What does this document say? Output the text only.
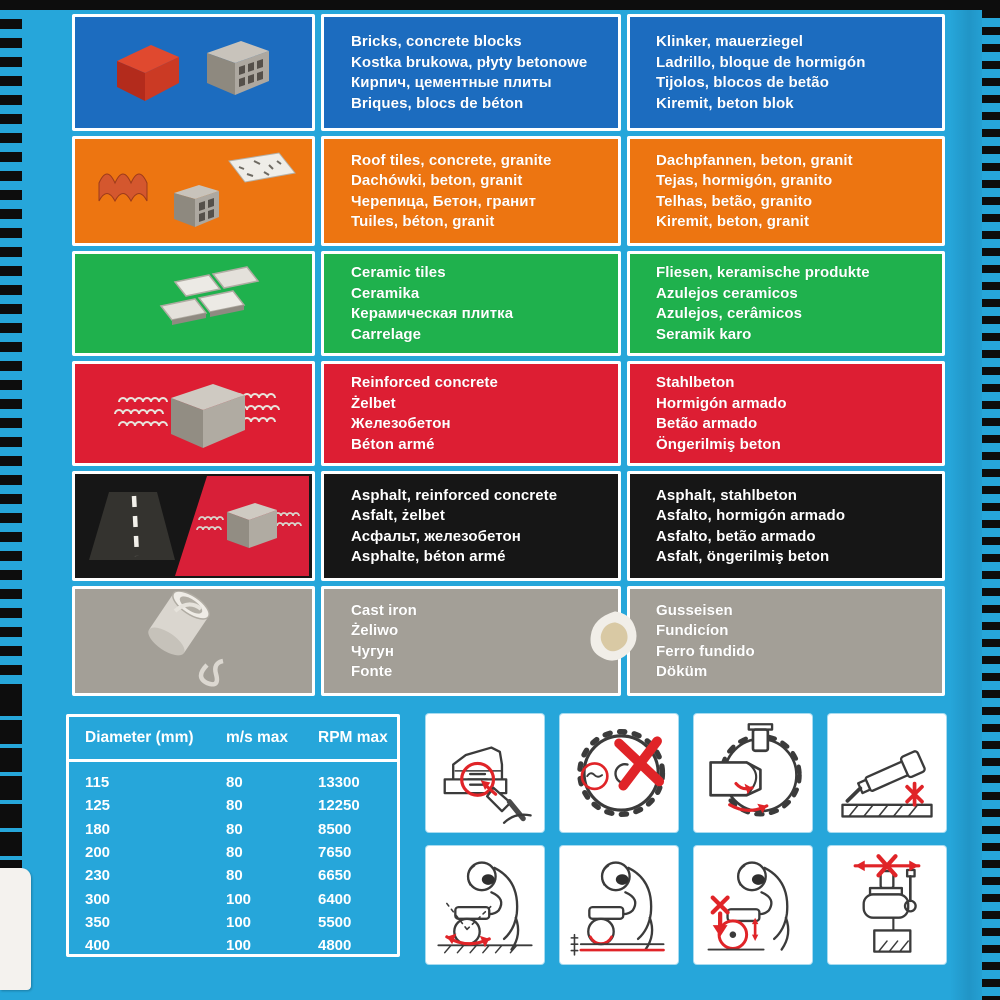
Bricks, concrete blocks
Kostka brukowa, płyty betonowe
Кирпич, цементные плиты
Briques, blocs de béton
Klinker, mauerziegel
Ladrillo, bloque de hormigón
Tijolos, blocos de betão
Kiremit, beton blok
Roof tiles, concrete, granite
Dachówki, beton, granit
Черепица, Бетон, гранит
Tuiles, béton, granit
Dachpfannen, beton, granit
Tejas, hormigón, granito
Telhas, betão, granito
Kiremit, beton, granit
Ceramic tiles
Ceramika
Керамическая плитка
Carrelage
Fliesen, keramische produkte
Azulejos ceramicos
Azulejos, cerâmicos
Seramik karo
Reinforced concrete
Żelbet
Железобетон
Béton armé
Stahlbeton
Hormigón armado
Betão armado
Öngerilmiş beton
Asphalt, reinforced concrete
Asfalt, żelbet
Асфальт, железобетон
Asphalte, béton armé
Asphalt, stahlbeton
Asfalto, hormigón armado
Asfalto, betão armado
Asfalt, öngerilmiş beton
Cast iron
Żeliwo
Чугун
Fonte
Gusseisen
Fundicíon
Ferro fundido
Döküm
Diameter (mm)	m/s max	RPM max
115	80	13300
125	80	12250
180	80	8500
200	80	7650
230	80	6650
300	100	6400
350	100	5500
400	100	4800
